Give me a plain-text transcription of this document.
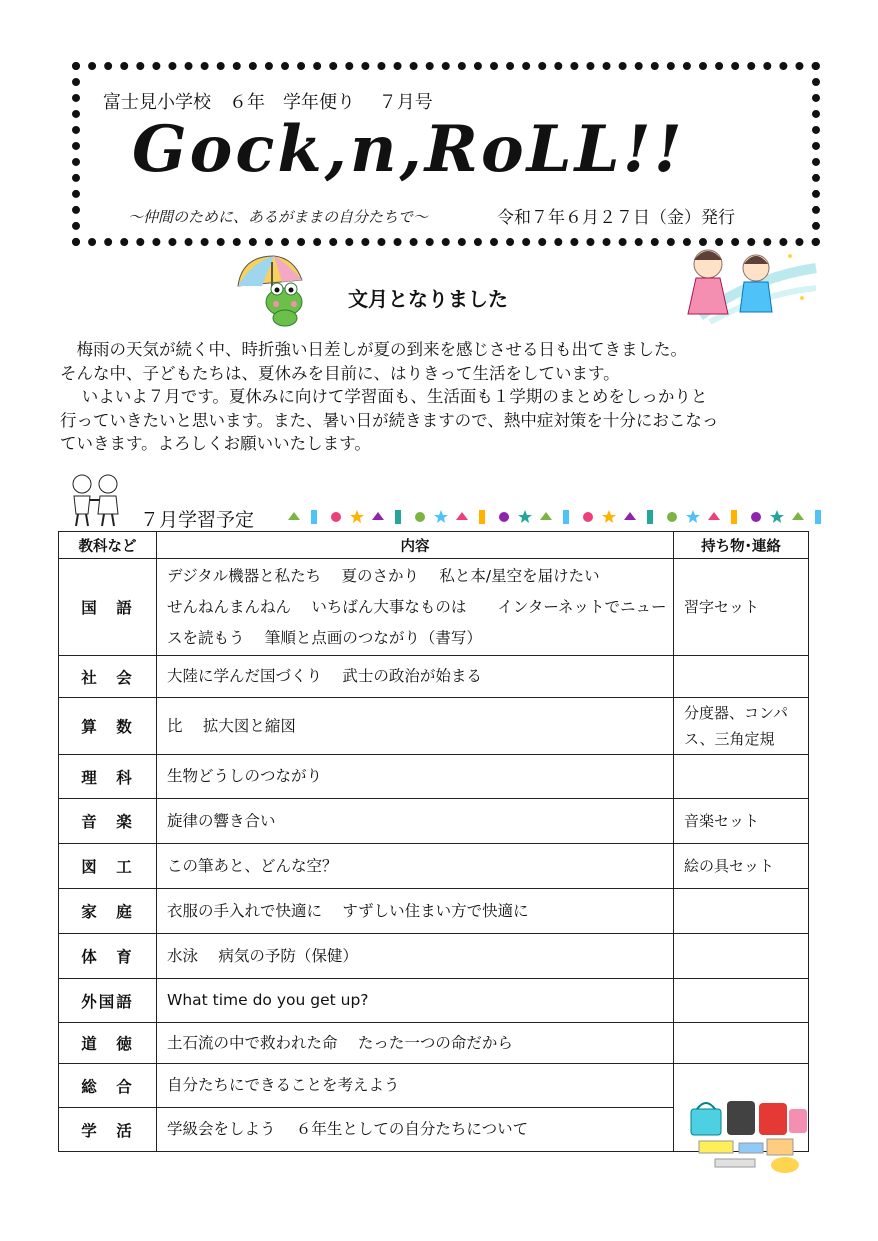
富士見小学校　６年　学年便り　 ７月号
Gock,n,RoLL!!
～仲間のために、あるがままの自分たちで～	令和７年６月２７日（金）発行
文月となりました

　梅雨の天気が続く中、時折強い日差しが夏の到来を感じさせる日も出てきました。

そんな中、子どもたちは、夏休みを目前に、はりきって生活をしています。

　 いよいよ７月です。夏休みに向けて学習面も、生活面も１学期のまとめをしっかりと

行っていきたいと思います。また、暑い日が続きますので、熱中症対策を十分におこなっ

ていきます。よろしくお願いいたします。

７月学習予定
教科など	内容	持ち物･連絡
国　語	デジタル機器と私たち　 夏のさかり　 私と本/星空を届けたい
せんねんまんねん　 いちばん大事なものは　　インターネットでニュー
スを読もう　 筆順と点画のつながり（書写）	習字セット
社　会	大陸に学んだ国づくり　 武士の政治が始まる	
算　数	比　 拡大図と縮図	分度器、コンパス、三角定規
理　科	生物どうしのつながり	
音　楽	旋律の響き合い	音楽セット
図　工	この筆あと、どんな空？	絵の具セット
家　庭	衣服の手入れで快適に　 すずしい住まい方で快適に	
体　育	水泳　 病気の予防（保健）	
外国語	What time do you get up?	
道　徳	土石流の中で救われた命　 たった一つの命だから	
総　合	自分たちにできることを考えよう	
学　活	学級会をしよう　 ６年生としての自分たちについて	
